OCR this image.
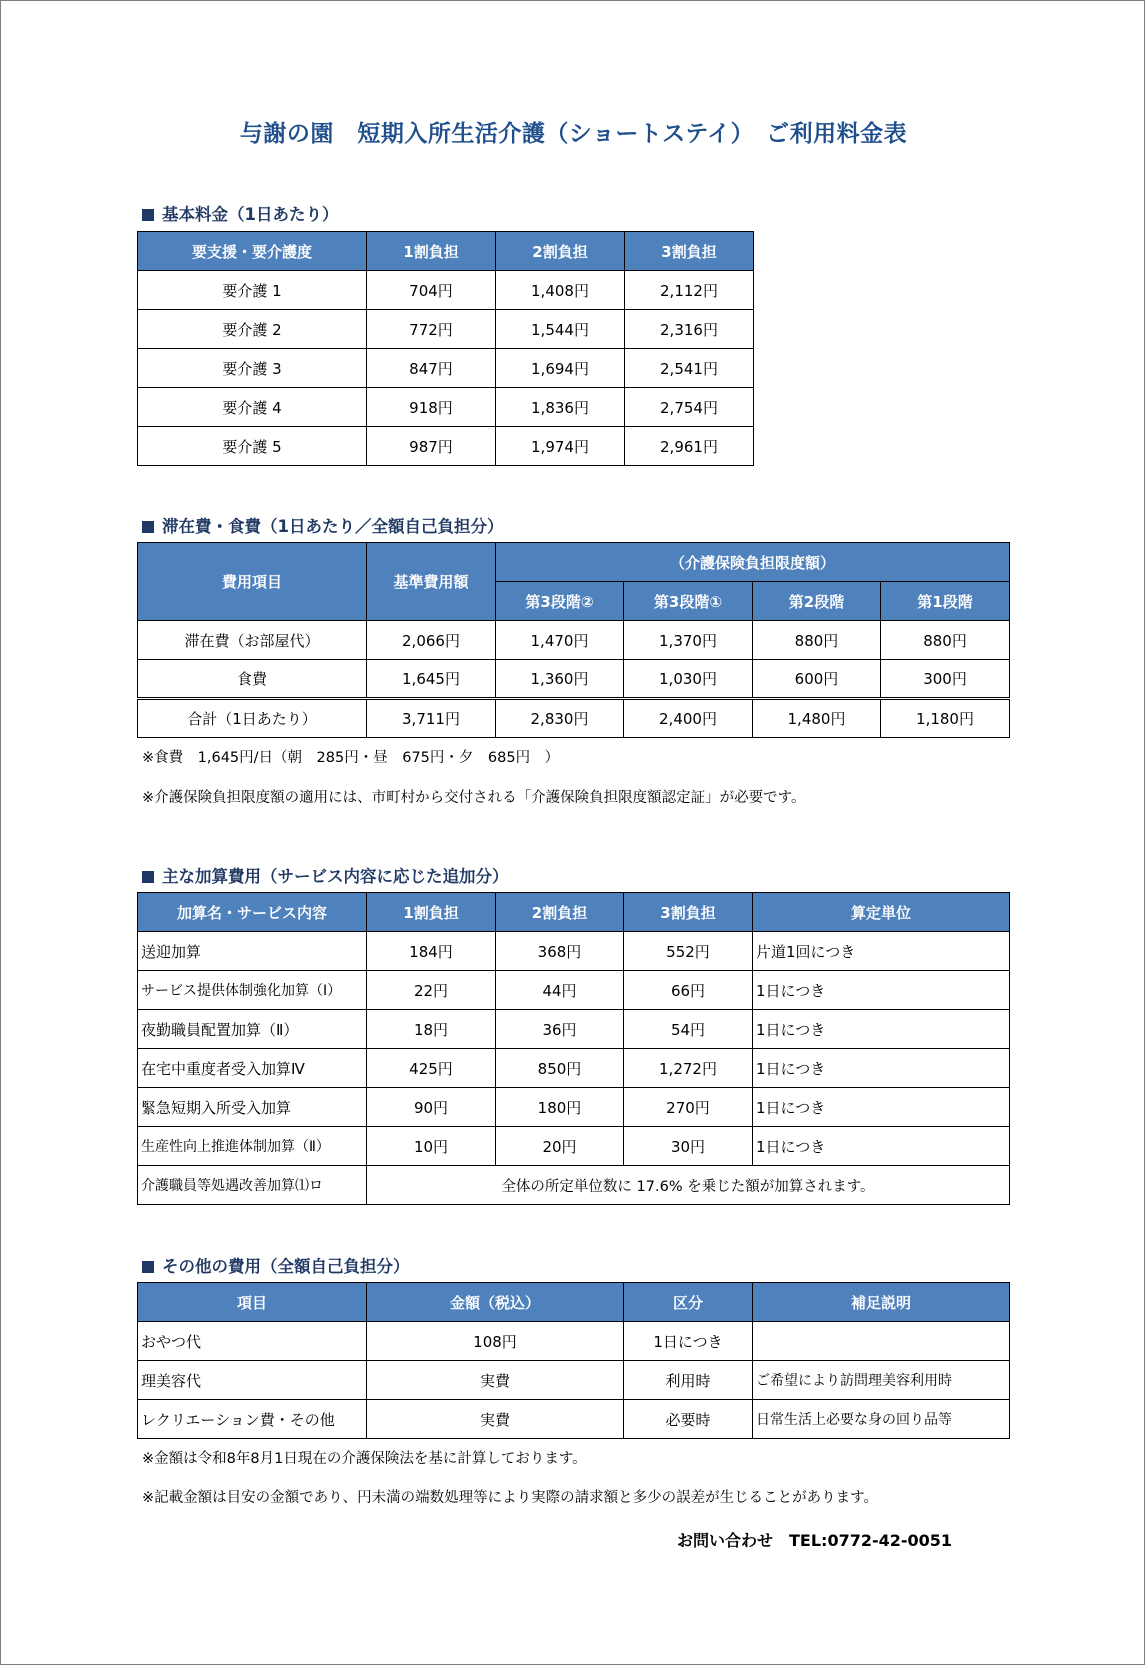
与謝の園　短期入所生活介護（ショートステイ）　ご利用料金表
基本料金（1日あたり）
要支援・要介護度	1割負担	2割負担	3割負担
要介護 1	704円	1,408円	2,112円
要介護 2	772円	1,544円	2,316円
要介護 3	847円	1,694円	2,541円
要介護 4	918円	1,836円	2,754円
要介護 5	987円	1,974円	2,961円
滞在費・食費（1日あたり／全額自己負担分）
費用項目	基準費用額	（介護保険負担限度額）			
		第3段階②	第3段階①	第2段階	第1段階
滞在費（お部屋代）	2,066円	1,470円	1,370円	880円	880円
食費	1,645円	1,360円	1,030円	600円	300円
合計（1日あたり）	3,711円	2,830円	2,400円	1,480円	1,180円
※食費　1,645円/日（朝　285円・昼　675円・夕　685円　）
※介護保険負担限度額の適用には、市町村から交付される「介護保険負担限度額認定証」が必要です。
主な加算費用（サービス内容に応じた追加分）
加算名・サービス内容	1割負担	2割負担	3割負担	算定単位
送迎加算	184円	368円	552円	片道1回につき
サービス提供体制強化加算（Ⅰ）	22円	44円	66円	1日につき
夜勤職員配置加算（Ⅱ）	18円	36円	54円	1日につき
在宅中重度者受入加算Ⅳ	425円	850円	1,272円	1日につき
緊急短期入所受入加算	90円	180円	270円	1日につき
生産性向上推進体制加算（Ⅱ）	10円	20円	30円	1日につき
介護職員等処遇改善加算⑴ロ	全体の所定単位数に 17.6% を乗じた額が加算されます。			
その他の費用（全額自己負担分）
項目	金額（税込）	区分	補足説明
おやつ代	108円	1日につき	
理美容代	実費	利用時	ご希望により訪問理美容利用時
レクリエーション費・その他	実費	必要時	日常生活上必要な身の回り品等
※金額は令和8年8月1日現在の介護保険法を基に計算しております。
※記載金額は目安の金額であり、円未満の端数処理等により実際の請求額と多少の誤差が生じることがあります。
お問い合わせ　TEL:0772-42-0051
